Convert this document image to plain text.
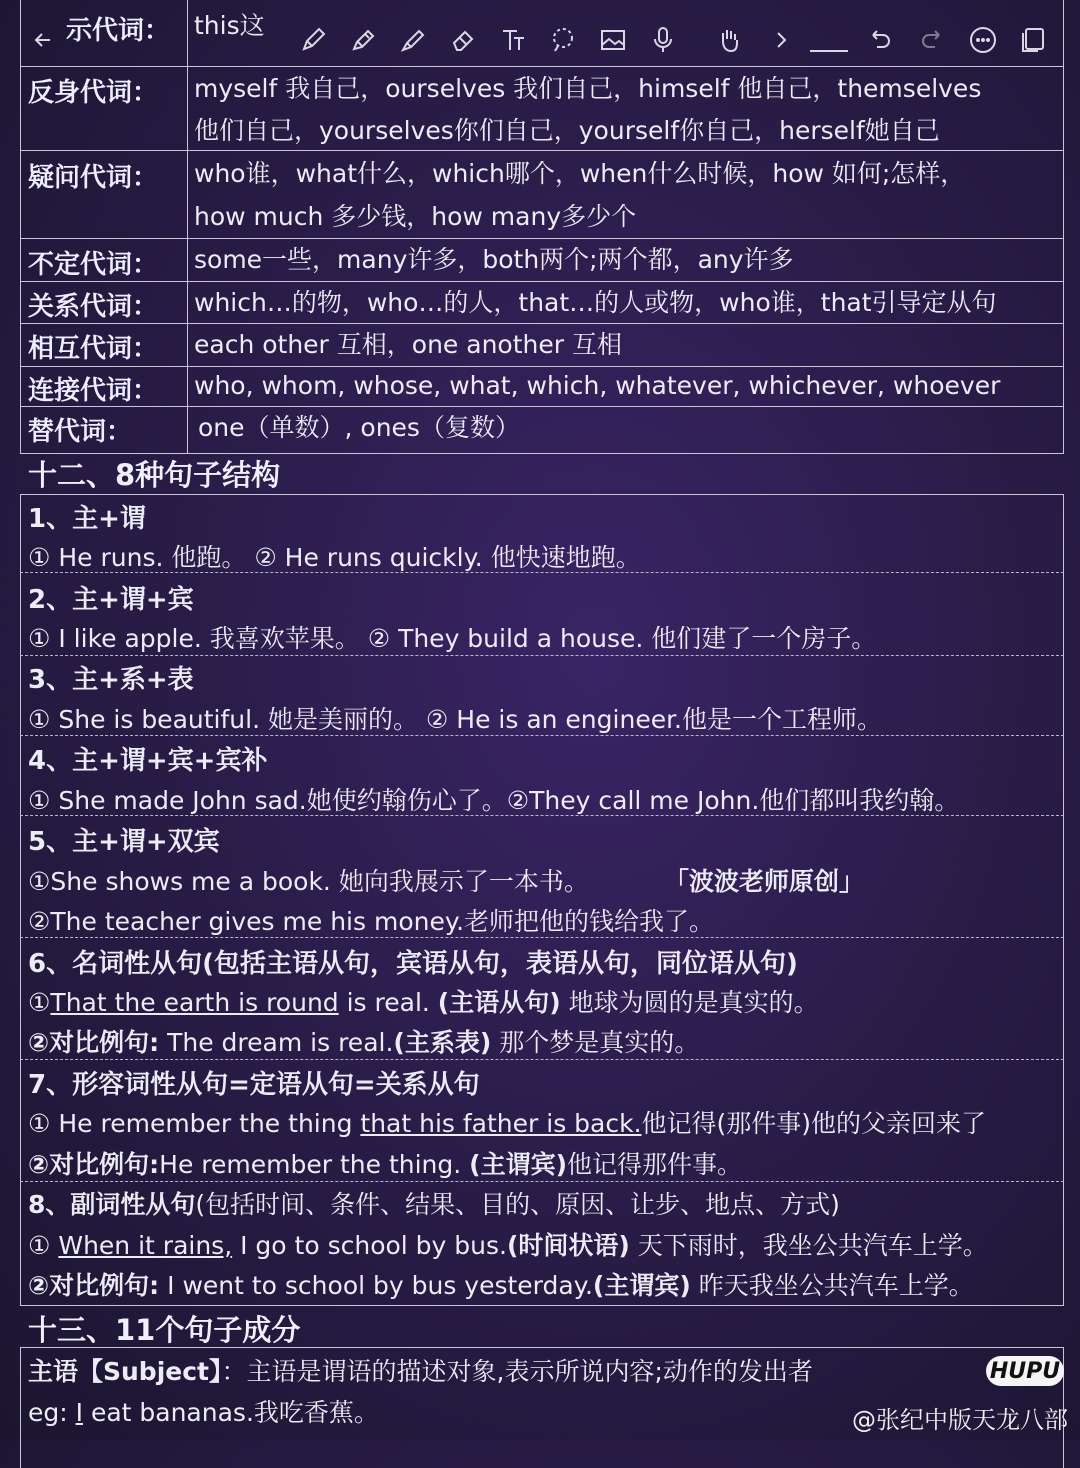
示代词： this这
反身代词： myself 我自己，ourselves 我们自己，himself 他自己，themselves
他们自己，yourselves你们自己，yourself你自己，herself她自己
疑问代词： who谁，what什么，which哪个，when什么时候，how 如何;怎样，
how much 多少钱，how many多少个
不定代词： some一些，many许多，both两个;两个都，any许多
关系代词： which…的物，who…的人，that…的人或物，who谁，that引导定从句
相互代词： each other 互相，one another 互相
连接代词： who, whom, whose, what, which, whatever, whichever, whoever
替代词：	one（单数）, ones（复数）
十二、8种句子结构
1、主+谓
① He runs. 他跑。 ② He runs quickly. 他快速地跑。
2、主+谓+宾
① I like apple. 我喜欢苹果。 ② They build a house. 他们建了一个房子。
3、主+系+表
① She is beautiful. 她是美丽的。 ② He is an engineer.他是一个工程师。
4、主+谓+宾+宾补
① She made John sad.她使约翰伤心了。②They call me John.他们都叫我约翰。
5、主+谓+双宾
①She shows me a book. 她向我展示了一本书。	「波波老师原创」
②The teacher gives me his money.老师把他的钱给我了。
6、名词性从句(包括主语从句，宾语从句，表语从句，同位语从句)
①That the earth is round is real. (主语从句) 地球为圆的是真实的。
②对比例句: The dream is real.(主系表) 那个梦是真实的。
7、形容词性从句=定语从句=关系从句
① He remember the thing that his father is back.他记得(那件事)他的父亲回来了
②对比例句:He remember the thing. (主谓宾)他记得那件事。
8、副词性从句(包括时间、条件、结果、目的、原因、让步、地点、方式)
① When it rains, I go to school by bus.(时间状语) 天下雨时，我坐公共汽车上学。
②对比例句: I went to school by bus yesterday.(主谓宾) 昨天我坐公共汽车上学。
十三、11个句子成分
主语【Subject】：主语是谓语的描述对象,表示所说内容;动作的发出者
eg: I eat bananas.我吃香蕉。
HUPU
@张纪中版天龙八部
